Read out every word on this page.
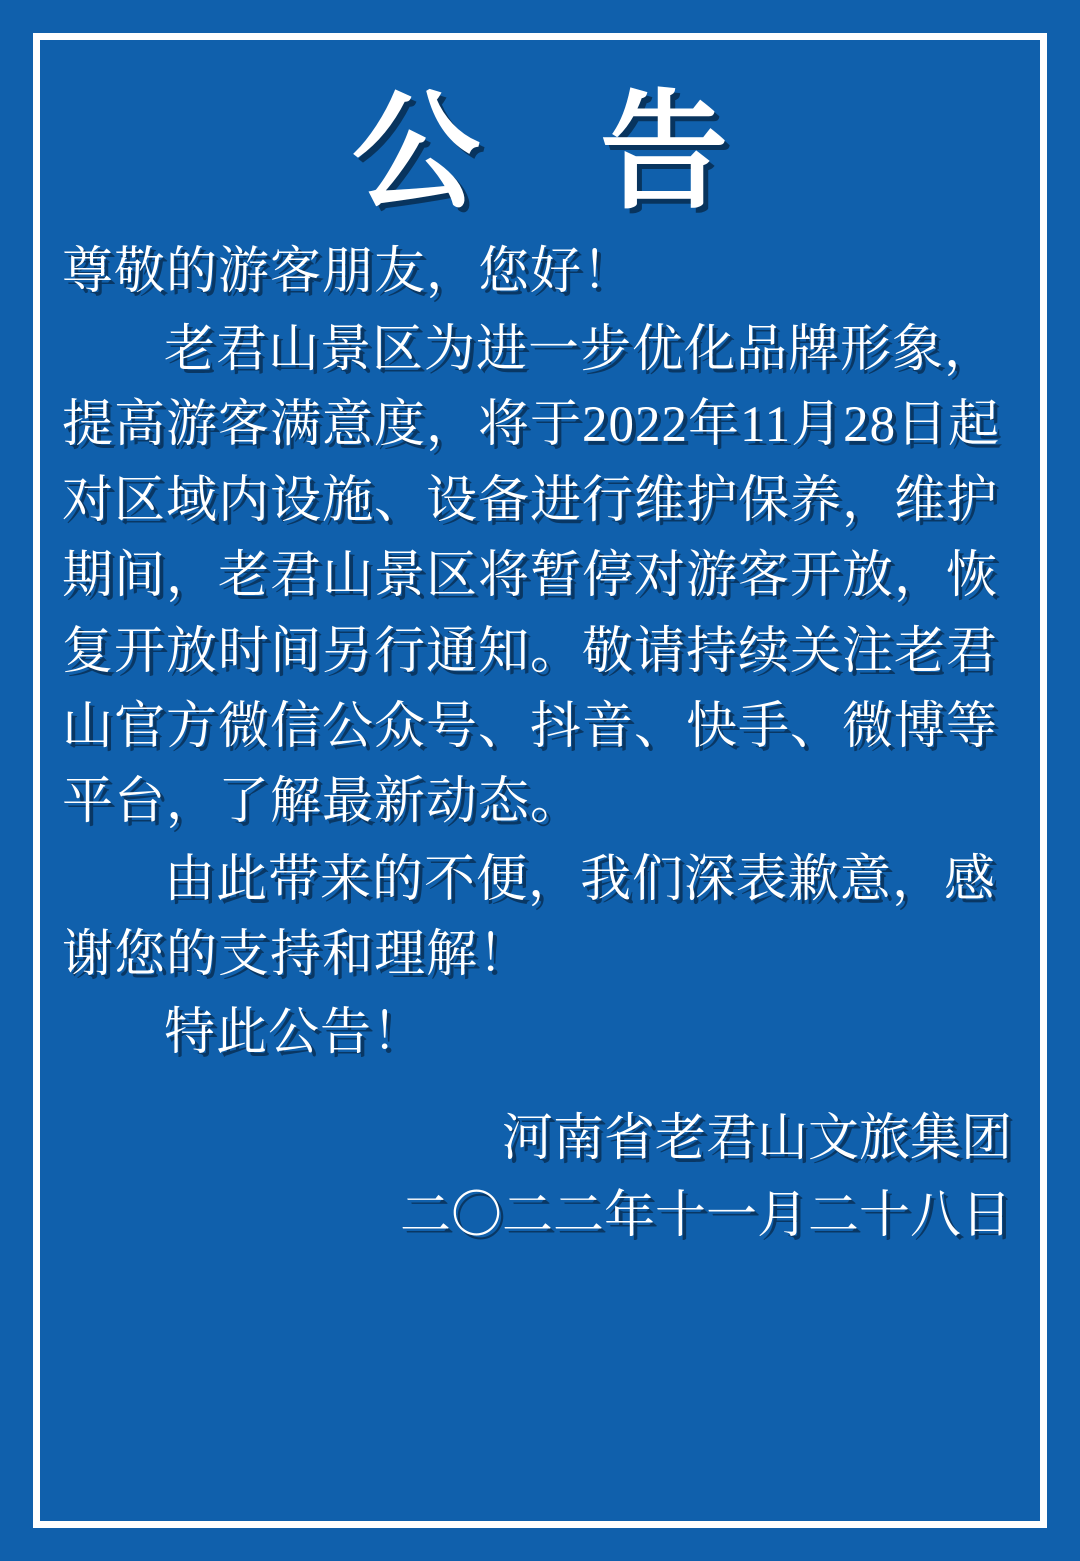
公 告

尊敬的游客朋友，您好！

老君山景区为进一步优化品牌形象，提高游客满意度，将于2022年11月28日起对区域内设施、设备进行维护保养，维护期间，老君山景区将暂停对游客开放，恢复开放时间另行通知。敬请持续关注老君山官方微信公众号、抖音、快手、微博等平台，了解最新动态。

由此带来的不便，我们深表歉意，感谢您的支持和理解！

特此公告！

河南省老君山文旅集团
二〇二二年十一月二十八日
